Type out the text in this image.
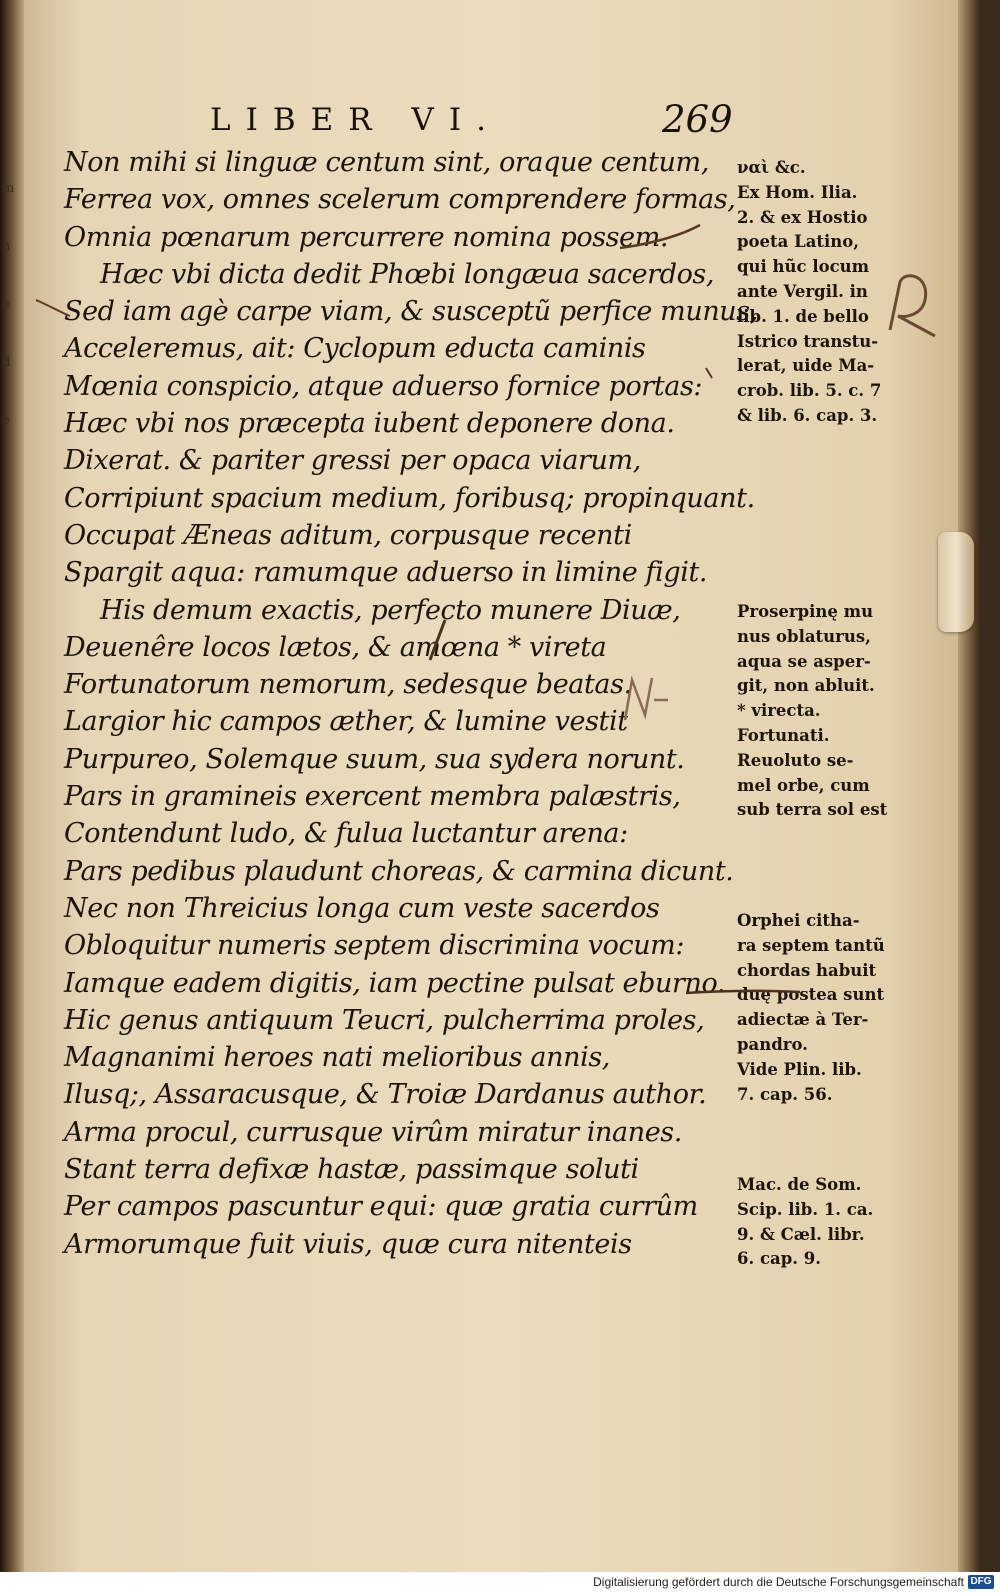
m
n
e
d
e
LIBER VI.	269
Non mihi si linguæ centum sint, oraque centum,
Ferrea vox, omnes scelerum comprendere formas,
Omnia pœnarum percurrere nomina possem.
Hæc vbi dicta dedit Phœbi longæua sacerdos,
Sed iam agè carpe viam, & susceptũ perfice munus,
Acceleremus, ait: Cyclopum educta caminis
Mœnia conspicio, atque aduerso fornice portas:
Hæc vbi nos præcepta iubent deponere dona.
Dixerat. & pariter gressi per opaca viarum,
Corripiunt spacium medium, foribusq; propinquant.
Occupat Æneas aditum, corpusque recenti
Spargit aqua: ramumque aduerso in limine figit.
His demum exactis, perfecto munere Diuæ,
Deuenêre locos lætos, & amœna * vireta
Fortunatorum nemorum, sedesque beatas.
Largior hic campos æther, & lumine vestit
Purpureo, Solemque suum, sua sydera norunt.
Pars in gramineis exercent membra palæstris,
Contendunt ludo, & fulua luctantur arena:
Pars pedibus plaudunt choreas, & carmina dicunt.
Nec non Threicius longa cum veste sacerdos
Obloquitur numeris septem discrimina vocum:
Iamque eadem digitis, iam pectine pulsat eburno.
Hic genus antiquum Teucri, pulcherrima proles,
Magnanimi heroes nati melioribus annis,
Ilusq;, Assaracusque, & Troiæ Dardanus author.
Arma procul, currusque virûm miratur inanes.
Stant terra defixæ hastæ, passimque soluti
Per campos pascuntur equi: quæ gratia currûm
Armorumque fuit viuis, quæ cura nitenteis
ναὶ &c.
Ex Hom. Ilia.
2. & ex Hostio
poeta Latino,
qui hũc locum
ante Vergil. in
lib. 1. de bello
Istrico transtu-
lerat, uide Ma-
crob. lib. 5. c. 7
& lib. 6. cap. 3.
Proserpinę mu
nus oblaturus,
aqua se asper-
git, non abluit.
* virecta.
Fortunati.
Reuoluto se-
mel orbe, cum
sub terra sol est
Orphei citha-
ra septem tantũ
chordas habuit
duę postea sunt
adiectæ à Ter-
pandro.
Vide Plin. lib.
7. cap. 56.
Mac. de Som.
Scip. lib. 1. ca.
9. & Cæl. libr.
6. cap. 9.
Digitalisierung gefördert durch die Deutsche Forschungsgemeinschaft DFG
